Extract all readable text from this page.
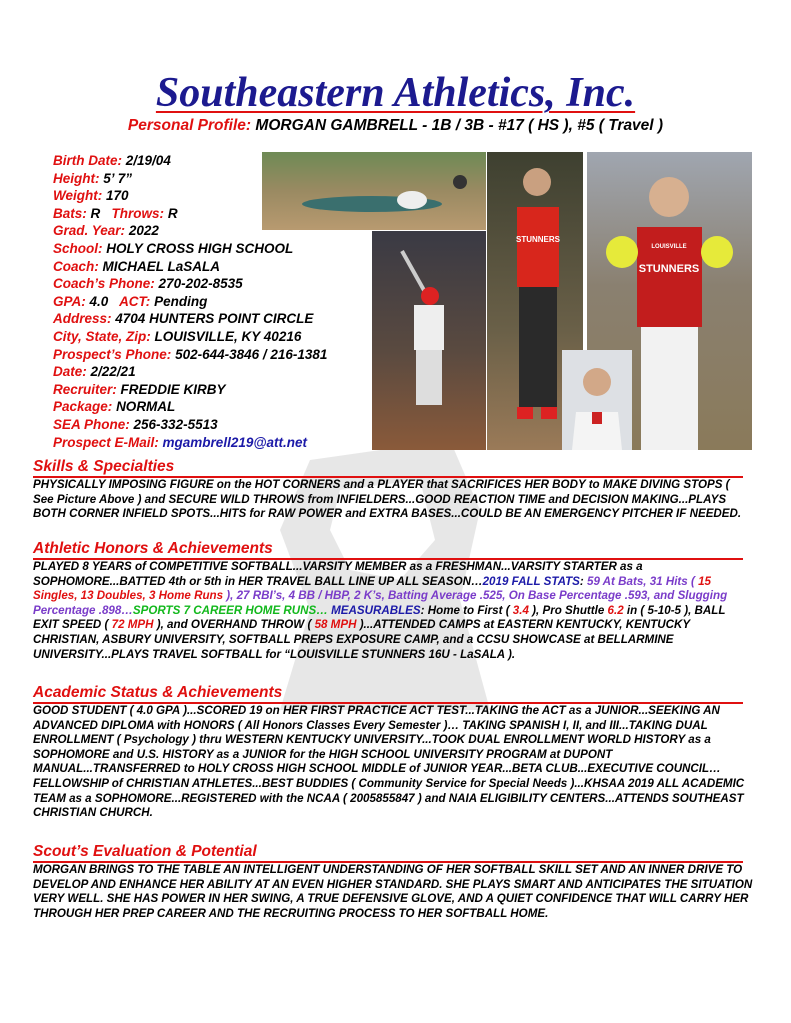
Southeastern Athletics, Inc.
Personal Profile: MORGAN GAMBRELL - 1B / 3B - #17 ( HS ), #5 ( Travel )
Birth Date: 2/19/04
Height: 5’ 7”
Weight: 170
Bats: R Throws: R
Grad. Year: 2022
School: HOLY CROSS HIGH SCHOOL
Coach: MICHAEL LaSALA
Coach’s Phone: 270-202-8535
GPA: 4.0 ACT: Pending
Address: 4704 HUNTERS POINT CIRCLE
City, State, Zip: LOUISVILLE, KY 40216
Prospect’s Phone: 502-644-3846 / 216-1381
Date: 2/22/21
Recruiter: FREDDIE KIRBY
Package: NORMAL
SEA Phone: 256-332-5513
Prospect E-Mail: mgambrell219@att.net
STUNNERS
LOUISVILLE
STUNNERS
Skills & Specialties
PHYSICALLY IMPOSING FIGURE on the HOT CORNERS and a PLAYER that SACRIFICES HER BODY to MAKE DIVING STOPS ( See Picture Above ) and SECURE WILD THROWS from INFIELDERS...GOOD REACTION TIME and DECISION MAKING...PLAYS BOTH CORNER INFIELD SPOTS...HITS for RAW POWER and EXTRA BASES...COULD BE AN EMERGENCY PITCHER IF NEEDED.
Athletic Honors & Achievements
PLAYED 8 YEARS of COMPETITIVE SOFTBALL...VARSITY MEMBER as a FRESHMAN...VARSITY STARTER as a SOPHOMORE...BATTED 4th or 5th in HER TRAVEL BALL LINE UP ALL SEASON…2019 FALL STATS: 59 At Bats, 31 Hits ( 15 Singles, 13 Doubles, 3 Home Runs ), 27 RBI’s, 4 BB / HBP, 2 K’s, Batting Average .525, On Base Percentage .593, and Slugging Percentage .898…SPORTS 7 CAREER HOME RUNS… MEASURABLES: Home to First ( 3.4 ), Pro Shuttle 6.2 in ( 5-10-5 ), BALL EXIT SPEED ( 72 MPH ), and OVERHAND THROW ( 58 MPH )...ATTENDED CAMPS at EASTERN KENTUCKY, KENTUCKY CHRISTIAN, ASBURY UNIVERSITY, SOFTBALL PREPS EXPOSURE CAMP, and a CCSU SHOWCASE at BELLARMINE UNIVERSITY...PLAYS TRAVEL SOFTBALL for “LOUISVILLE STUNNERS 16U - LaSALA ).
Academic Status & Achievements
GOOD STUDENT ( 4.0 GPA )...SCORED 19 on HER FIRST PRACTICE ACT TEST...TAKING the ACT as a JUNIOR...SEEKING AN ADVANCED DIPLOMA with HONORS ( All Honors Classes Every Semester )… TAKING SPANISH I, II, and III...TAKING DUAL ENROLLMENT ( Psychology ) thru WESTERN KENTUCKY UNIVERSITY...TOOK DUAL ENROLLMENT WORLD HISTORY as a SOPHOMORE and U.S. HISTORY as a JUNIOR for the HIGH SCHOOL UNIVERSITY PROGRAM at DUPONT MANUAL...TRANSFERRED to HOLY CROSS HIGH SCHOOL MIDDLE of JUNIOR YEAR...BETA CLUB...EXECUTIVE COUNCIL… FELLOWSHIP of CHRISTIAN ATHLETES...BEST BUDDIES ( Community Service for Special Needs )...KHSAA 2019 ALL ACADEMIC TEAM as a SOPHOMORE...REGISTERED with the NCAA ( 2005855847 ) and NAIA ELIGIBILITY CENTERS...ATTENDS SOUTHEAST CHRISTIAN CHURCH.
Scout’s Evaluation & Potential
MORGAN BRINGS TO THE TABLE AN INTELLIGENT UNDERSTANDING OF HER SOFTBALL SKILL SET AND AN INNER DRIVE TO DEVELOP AND ENHANCE HER ABILITY AT AN EVEN HIGHER STANDARD. SHE PLAYS SMART AND ANTICIPATES THE SITUATION VERY WELL. SHE HAS POWER IN HER SWING, A TRUE DEFENSIVE GLOVE, AND A QUIET CONFIDENCE THAT WILL CARRY HER THROUGH HER PREP CAREER AND THE RECRUITING PROCESS TO HER SOFTBALL HOME.
